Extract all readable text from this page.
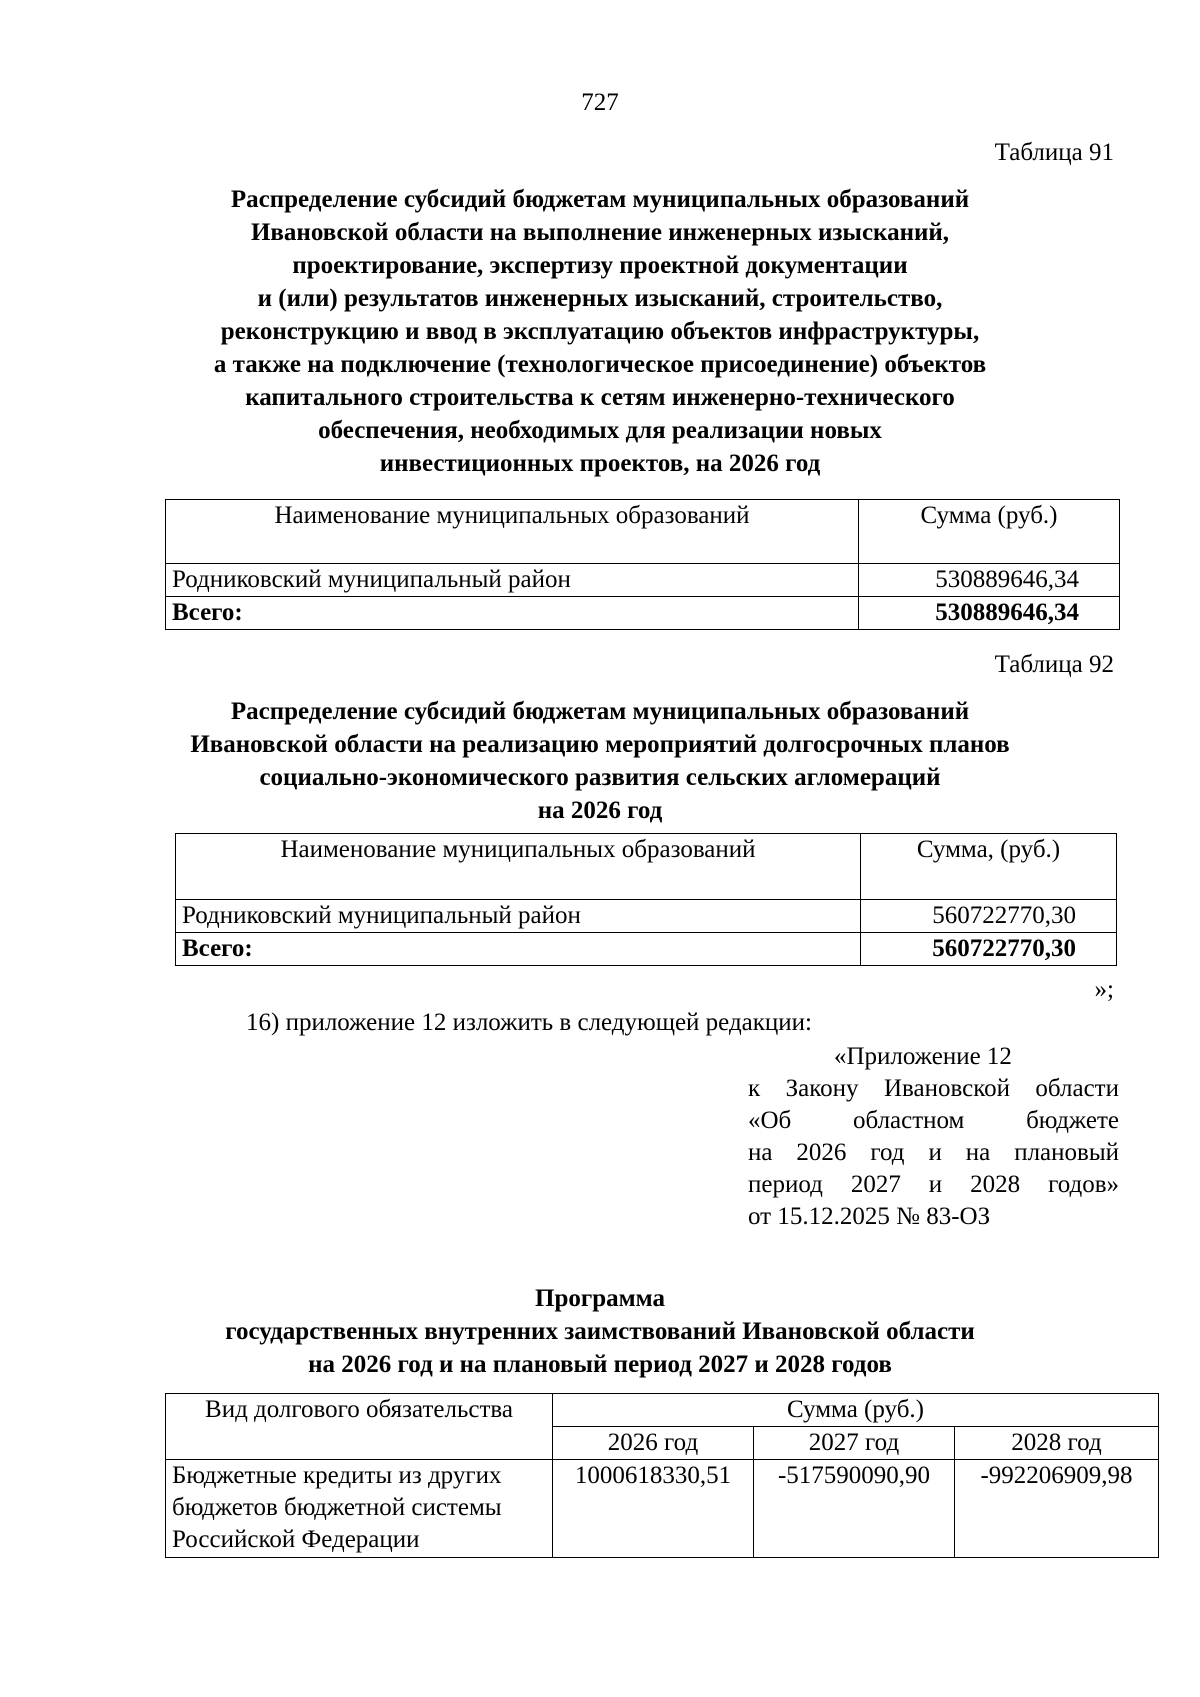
727
Таблица 91
Распределение субсидий бюджетам муниципальных образований
Ивановской области на выполнение инженерных изысканий,
проектирование, экспертизу проектной документации
и (или) результатов инженерных изысканий, строительство,
реконструкцию и ввод в эксплуатацию объектов инфраструктуры,
а также на подключение (технологическое присоединение) объектов
капитального строительства к сетям инженерно-технического
обеспечения, необходимых для реализации новых
инвестиционных проектов, на 2026 год
Наименование муниципальных образований	Сумма (руб.)
Родниковский муниципальный район	530889646,34
Всего:	530889646,34
Таблица 92
Распределение субсидий бюджетам муниципальных образований
Ивановской области на реализацию мероприятий долгосрочных планов
социально-экономического развития сельских агломераций
на 2026 год
Наименование муниципальных образований	Сумма, (руб.)
Родниковский муниципальный район	560722770,30
Всего:	560722770,30
»;
16) приложение 12 изложить в следующей редакции:
«Приложение 12
к Закону Ивановской области
«Об областном бюджете
на 2026 год и на плановый
период 2027 и 2028 годов»
от 15.12.2025 № 83-ОЗ
Программа
государственных внутренних заимствований Ивановской области
на 2026 год и на плановый период 2027 и 2028 годов
Вид долгового обязательства	Сумма (руб.)		
	2026 год	2027 год	2028 год

Бюджетные кредиты из других
бюджетов бюджетной системы
Российской Федерации	1000618330,51	-517590090,90	-992206909,98
